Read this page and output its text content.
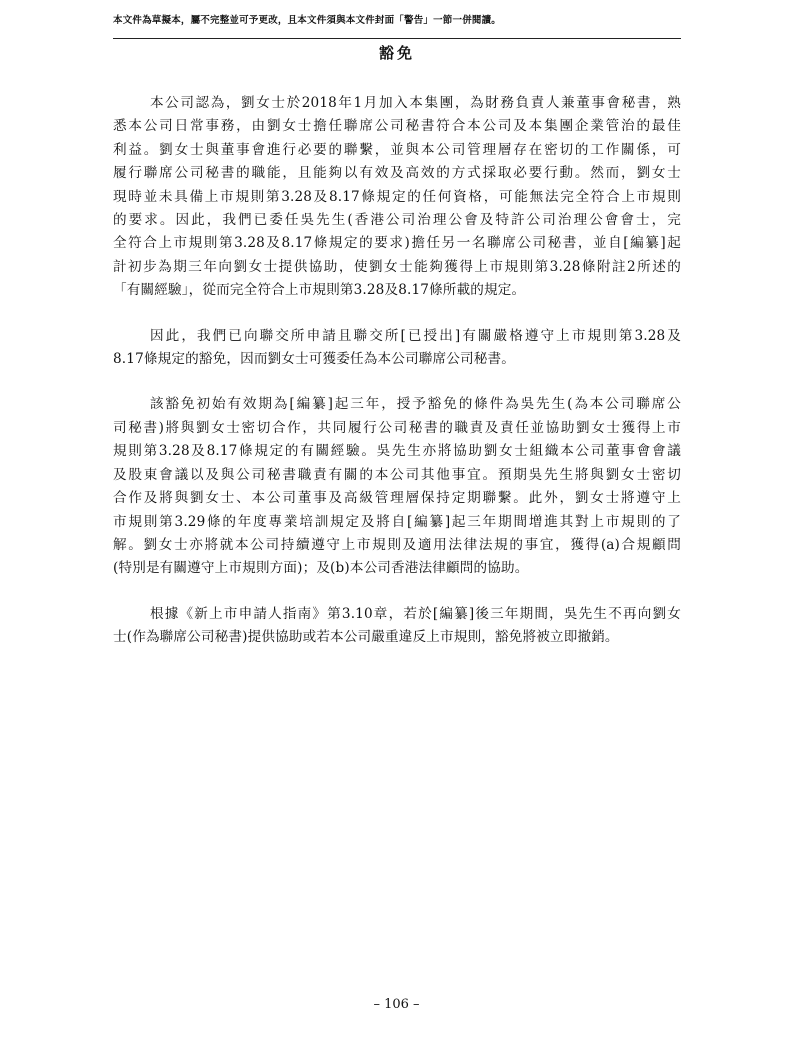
本文件為草擬本，屬不完整並可予更改，且本文件須與本文件封面「警告」一節一併閱讀。
豁免

本公司認為，劉女士於2018年1月加入本集團，為財務負責人兼董事會秘書，熟
悉本公司日常事務，由劉女士擔任聯席公司秘書符合本公司及本集團企業管治的最佳
利益。劉女士與董事會進行必要的聯繫，並與本公司管理層存在密切的工作關係，可
履行聯席公司秘書的職能，且能夠以有效及高效的方式採取必要行動。然而，劉女士
現時並未具備上市規則第3.28及8.17條規定的任何資格，可能無法完全符合上市規則
的要求。因此，我們已委任吳先生(香港公司治理公會及特許公司治理公會會士，完
全符合上市規則第3.28及8.17條規定的要求)擔任另一名聯席公司秘書，並自[編纂]起
計初步為期三年向劉女士提供協助，使劉女士能夠獲得上市規則第3.28條附註2所述的
「有關經驗」，從而完全符合上市規則第3.28及8.17條所載的規定。

因此，我們已向聯交所申請且聯交所[已授出]有關嚴格遵守上市規則第3.28及
8.17條規定的豁免，因而劉女士可獲委任為本公司聯席公司秘書。

該豁免初始有效期為[編纂]起三年，授予豁免的條件為吳先生(為本公司聯席公
司秘書)將與劉女士密切合作，共同履行公司秘書的職責及責任並協助劉女士獲得上市
規則第3.28及8.17條規定的有關經驗。吳先生亦將協助劉女士組織本公司董事會會議
及股東會議以及與公司秘書職責有關的本公司其他事宜。預期吳先生將與劉女士密切
合作及將與劉女士、本公司董事及高級管理層保持定期聯繫。此外，劉女士將遵守上
市規則第3.29條的年度專業培訓規定及將自[編纂]起三年期間增進其對上市規則的了
解。劉女士亦將就本公司持續遵守上市規則及適用法律法規的事宜，獲得(a)合規顧問
(特別是有關遵守上市規則方面)；及(b)本公司香港法律顧問的協助。

根據《新上市申請人指南》第3.10章，若於[編纂]後三年期間，吳先生不再向劉女
士(作為聯席公司秘書)提供協助或若本公司嚴重違反上市規則，豁免將被立即撤銷。

– 106 –
